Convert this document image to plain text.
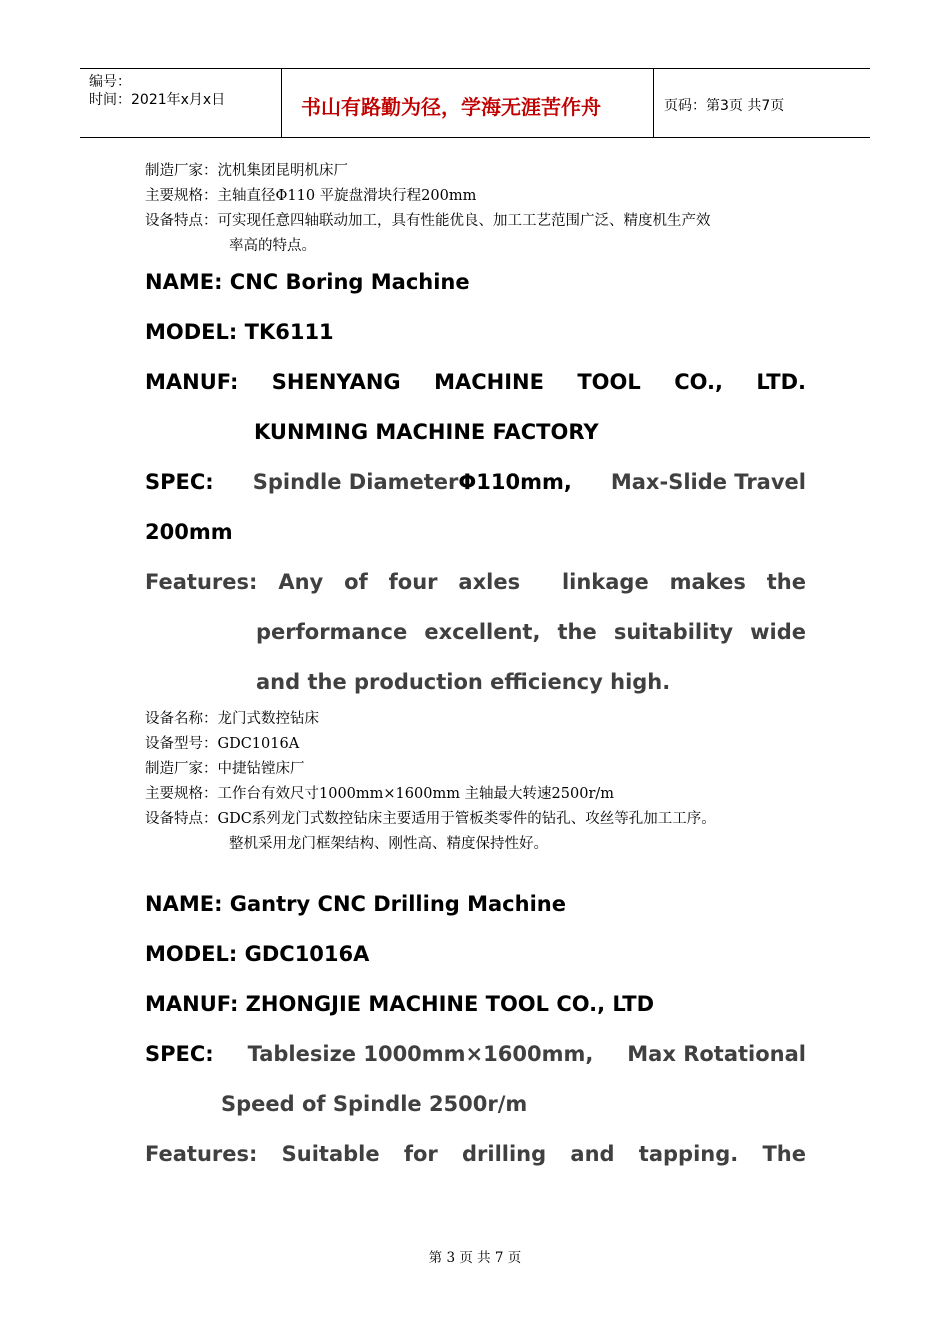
编号：
时间：2021年x月x日	书山有路勤为径，学海无涯苦作舟	页码：第3页 共7页
制造厂家：沈机集团昆明机床厂
主要规格：主轴直径Φ110 平旋盘滑块行程200mm
设备特点：可实现任意四轴联动加工，具有性能优良、加工工艺范围广泛、精度机生产效
率高的特点。
NAME: CNC Boring Machine
MODEL: TK6111
MANUF: SHENYANG MACHINE TOOL CO., LTD.
KUNMING MACHINE FACTORY
SPEC: Spindle DiameterΦ110mm, Max-Slide Travel
200mm
Features: Any of four axles  linkage makes the
performance excellent, the suitability wide
and the production efficiency high.
设备名称：龙门式数控钻床
设备型号：GDC1016A
制造厂家：中捷钻镗床厂
主要规格：工作台有效尺寸1000mm×1600mm 主轴最大转速2500r/m
设备特点：GDC系列龙门式数控钻床主要适用于管板类零件的钻孔、攻丝等孔加工工序。
整机采用龙门框架结构、刚性高、精度保持性好。
NAME: Gantry CNC Drilling Machine
MODEL: GDC1016A
MANUF: ZHONGJIE MACHINE TOOL CO., LTD
SPEC: Tablesize 1000mm×1600mm, Max Rotational
Speed of Spindle 2500r/m
Features: Suitable for drilling and tapping. The
第 3 页 共 7 页
